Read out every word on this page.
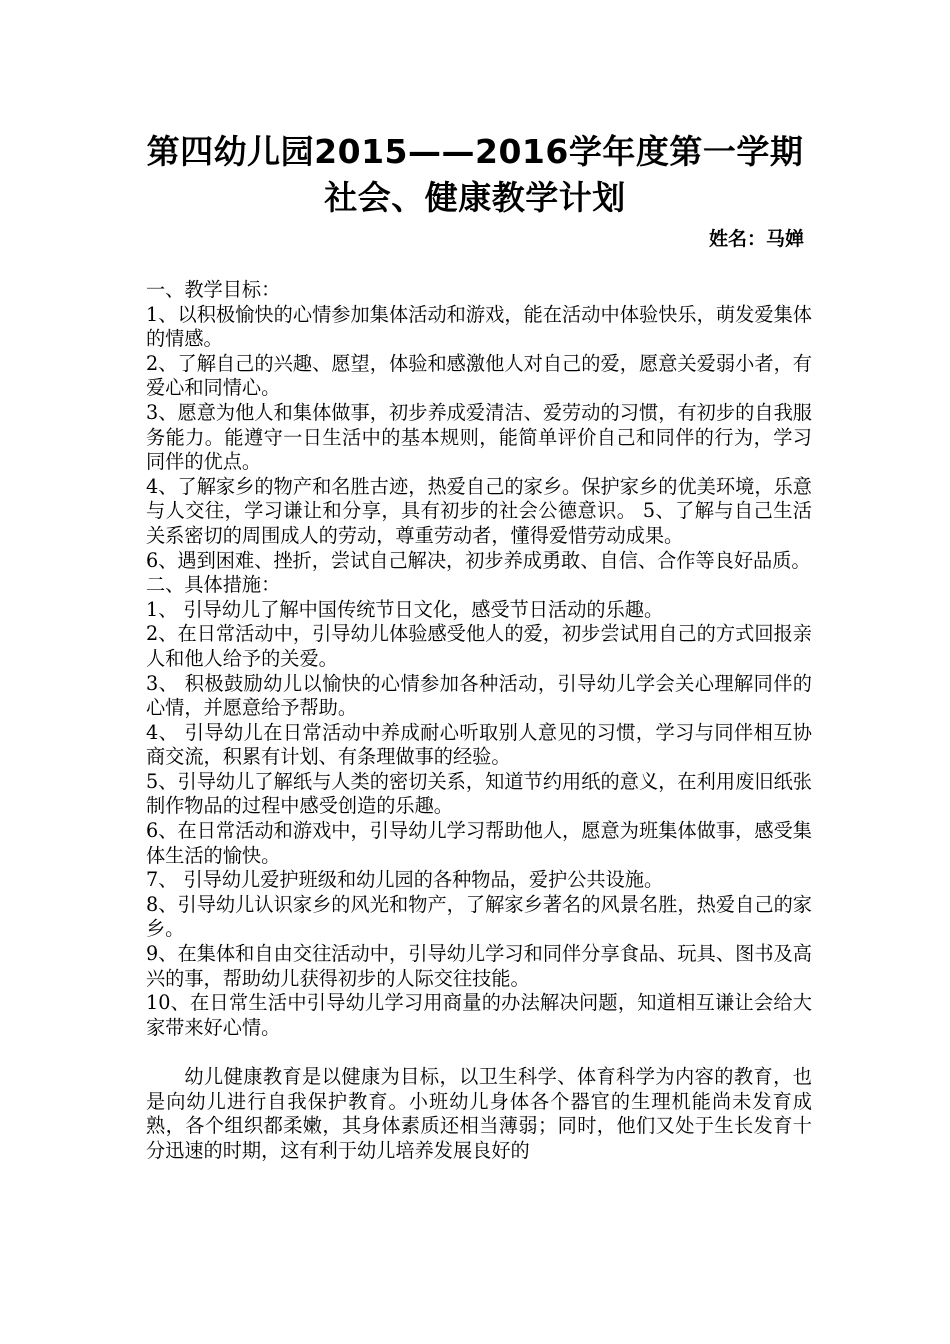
第四幼儿园2015——2016学年度第一学期
社会、健康教学计划
姓名：马婵

一、教学目标：

1、以积极愉快的心情参加集体活动和游戏，能在活动中体验快乐，萌发爱集体的情感。

2、了解自己的兴趣、愿望，体验和感激他人对自己的爱，愿意关爱弱小者，有爱心和同情心。

3、愿意为他人和集体做事，初步养成爱清洁、爱劳动的习惯，有初步的自我服务能力。能遵守一日生活中的基本规则，能简单评价自己和同伴的行为，学习同伴的优点。

4、了解家乡的物产和名胜古迹，热爱自己的家乡。保护家乡的优美环境，乐意与人交往，学习谦让和分享，具有初步的社会公德意识。 5、了解与自己生活关系密切的周围成人的劳动，尊重劳动者，懂得爱惜劳动成果。

6、遇到困难、挫折，尝试自己解决，初步养成勇敢、自信、合作等良好品质。

二、具体措施：

1、 引导幼儿了解中国传统节日文化，感受节日活动的乐趣。

2、在日常活动中，引导幼儿体验感受他人的爱，初步尝试用自己的方式回报亲人和他人给予的关爱。

3、 积极鼓励幼儿以愉快的心情参加各种活动，引导幼儿学会关心理解同伴的心情，并愿意给予帮助。

4、 引导幼儿在日常活动中养成耐心听取别人意见的习惯，学习与同伴相互协商交流，积累有计划、有条理做事的经验。

5、引导幼儿了解纸与人类的密切关系，知道节约用纸的意义，在利用废旧纸张制作物品的过程中感受创造的乐趣。

6、在日常活动和游戏中，引导幼儿学习帮助他人，愿意为班集体做事，感受集体生活的愉快。

7、 引导幼儿爱护班级和幼儿园的各种物品，爱护公共设施。

8、引导幼儿认识家乡的风光和物产，了解家乡著名的风景名胜，热爱自己的家乡。

9、在集体和自由交往活动中，引导幼儿学习和同伴分享食品、玩具、图书及高兴的事，帮助幼儿获得初步的人际交往技能。

10、在日常生活中引导幼儿学习用商量的办法解决问题，知道相互谦让会给大家带来好心情。

幼儿健康教育是以健康为目标，以卫生科学、体育科学为内容的教育，也是向幼儿进行自我保护教育。小班幼儿身体各个器官的生理机能尚未发育成熟，各个组织都柔嫩，其身体素质还相当薄弱；同时，他们又处于生长发育十分迅速的时期，这有利于幼儿培养发展良好的
